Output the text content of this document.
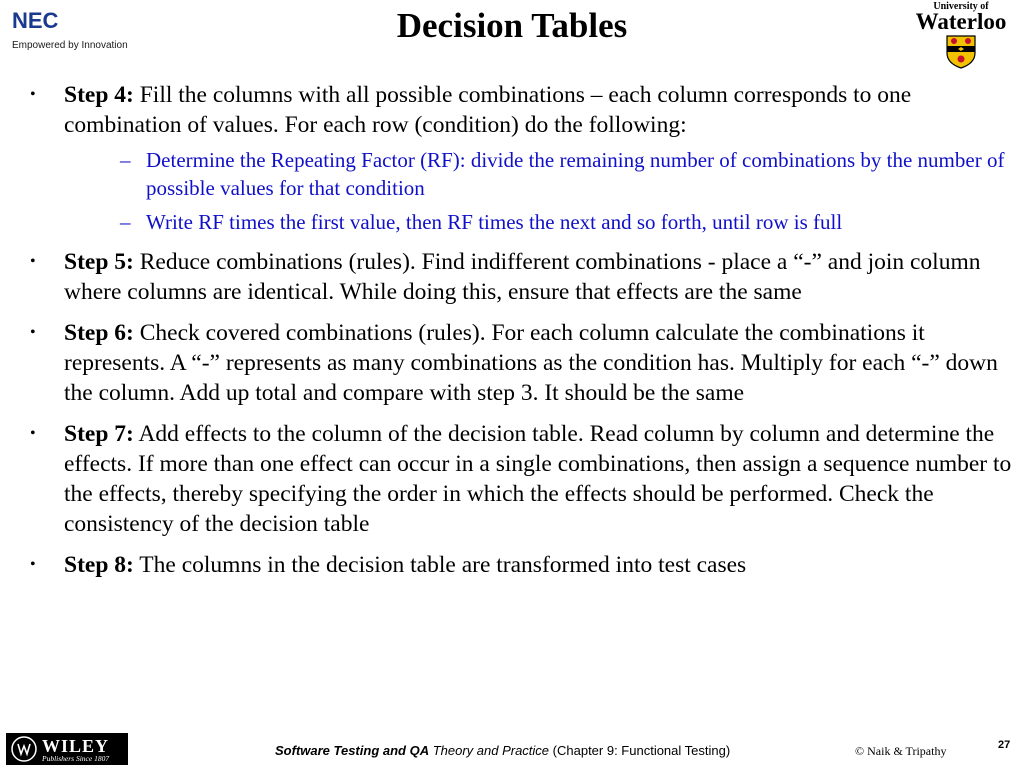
NEC
Empowered by Innovation
Decision Tables	University of
Waterloo
• Step 4: Fill the columns with all possible combinations – each column corresponds to one combination of values. For each row (condition) do the following:
– Determine the Repeating Factor (RF): divide the remaining number of combinations by the number of possible values for that condition
– Write RF times the first value, then RF times the next and so forth, until row is full
• Step 5: Reduce combinations (rules). Find indifferent combinations - place a “-” and join column where columns are identical. While doing this, ensure that effects are the same
• Step 6: Check covered combinations (rules). For each column calculate the combinations it represents. A “-” represents as many combinations as the condition has. Multiply for each “-” down the column. Add up total and compare with step 3. It should be the same
• Step 7: Add effects to the column of the decision table. Read column by column and determine the effects. If more than one effect can occur in a single combinations, then assign a sequence number to the effects, thereby specifying the order in which the effects should be performed. Check the consistency of the decision table
• Step 8: The columns in the decision table are transformed into test cases
WILEY
Publishers Since 1807
Software Testing and QA Theory and Practice (Chapter 9: Functional Testing)	© Naik & Tripathy	27
